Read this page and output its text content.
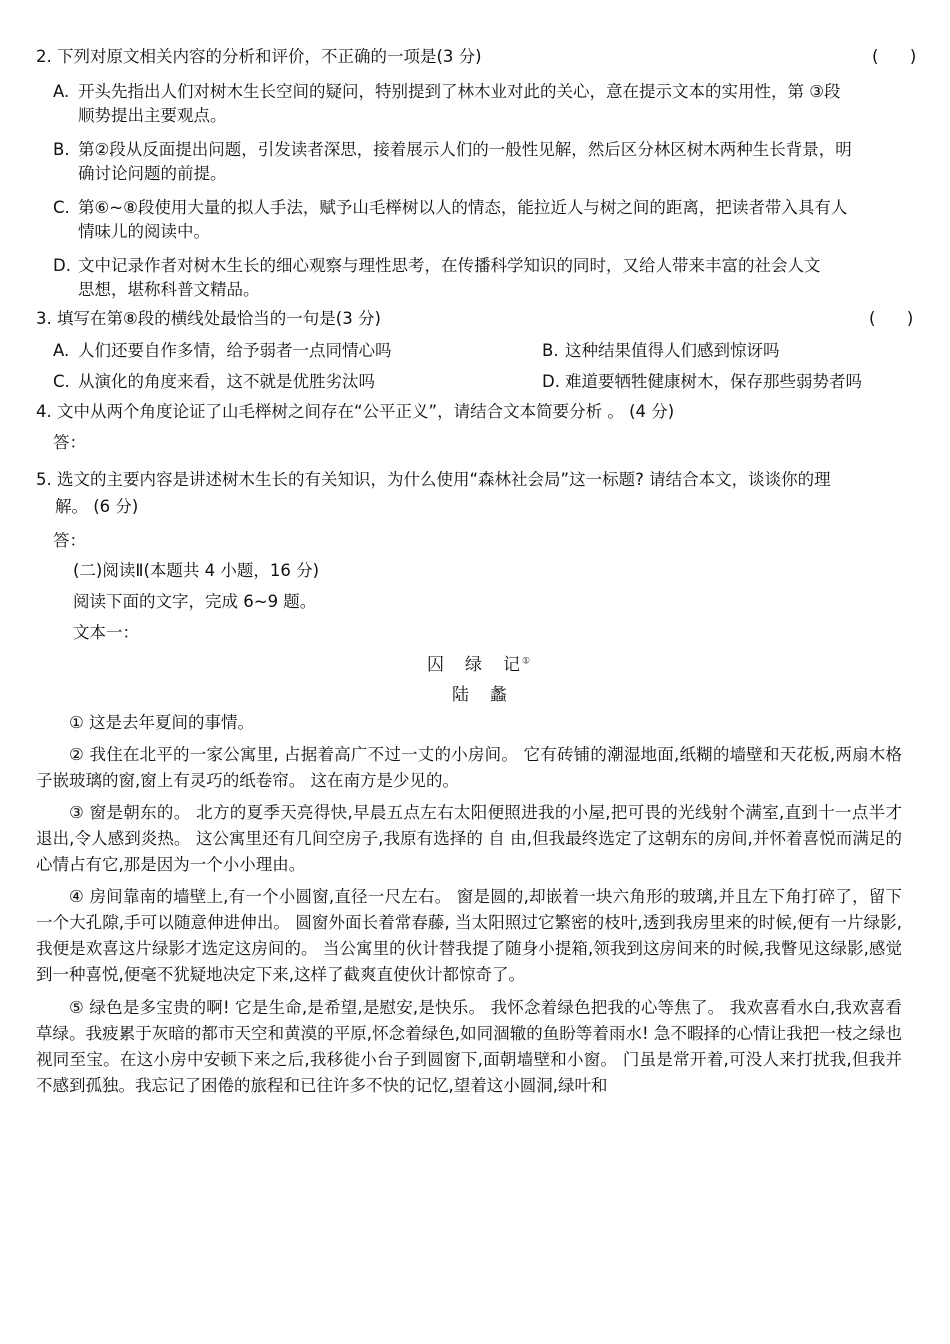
2. 下列对原文相关内容的分析和评价，不正确的一项是(3 分)	(      )
A. 开头先指出人们对树木生长空间的疑问，特别提到了林木业对此的关心，意在提示文本的实用性，第 ③段
顺势提出主要观点。
B. 第②段从反面提出问题，引发读者深思，接着展示人们的一般性见解，然后区分林区树木两种生长背景，明
确讨论问题的前提。
C. 第⑥~⑧段使用大量的拟人手法，赋予山毛榉树以人的情态，能拉近人与树之间的距离，把读者带入具有人
情味儿的阅读中。
D. 文中记录作者对树木生长的细心观察与理性思考，在传播科学知识的同时，又给人带来丰富的社会人文
思想，堪称科普文精品。
3. 填写在第⑧段的横线处最恰当的一句是(3 分)	(      )
A. 人们还要自作多情，给予弱者一点同情心吗	B. 这种结果值得人们感到惊讶吗
C. 从演化的角度来看，这不就是优胜劣汰吗	D. 难道要牺牲健康树木，保存那些弱势者吗
4. 文中从两个角度论证了山毛榉树之间存在“公平正义”，请结合文本简要分析 。 (4 分)
答：
5. 选文的主要内容是讲述树木生长的有关知识，为什么使用“森林社会局”这一标题? 请结合本文，谈谈你的理
解。 (6 分)
答：
(二)阅读Ⅱ(本题共 4 小题，16 分)
阅读下面的文字，完成 6~9 题。
文本一：
囚　绿　记①
陆　蠡
① 这是去年夏间的事情。
② 我住在北平的一家公寓里, 占据着高广不过一丈的小房间。 它有砖铺的潮湿地面,纸糊的墙壁和天花板,两扇木格子嵌玻璃的窗,窗上有灵巧的纸卷帘。 这在南方是少见的。
③ 窗是朝东的。 北方的夏季天亮得快,早晨五点左右太阳便照进我的小屋,把可畏的光线射个满室,直到十一点半才退出,令人感到炎热。 这公寓里还有几间空房子,我原有选择的 自 由,但我最终选定了这朝东的房间,并怀着喜悦而满足的心情占有它,那是因为一个小小理由。
④ 房间靠南的墙壁上,有一个小圆窗,直径一尺左右。 窗是圆的,却嵌着一块六角形的玻璃,并且左下角打碎了，留下一个大孔隙,手可以随意伸进伸出。 圆窗外面长着常春藤, 当太阳照过它繁密的枝叶,透到我房里来的时候,便有一片绿影,我便是欢喜这片绿影才选定这房间的。 当公寓里的伙计替我提了随身小提箱,领我到这房间来的时候,我瞥见这绿影,感觉到一种喜悦,便毫不犹疑地决定下来,这样了截爽直使伙计都惊奇了。
⑤ 绿色是多宝贵的啊! 它是生命,是希望,是慰安,是快乐。 我怀念着绿色把我的心等焦了。 我欢喜看水白,我欢喜看草绿。我疲累于灰暗的都市天空和黄漠的平原,怀念着绿色,如同涸辙的鱼盼等着雨水! 急不暇择的心情让我把一枝之绿也视同至宝。在这小房中安顿下来之后,我移徙小台子到圆窗下,面朝墙壁和小窗。 门虽是常开着,可没人来打扰我,但我并不感到孤独。我忘记了困倦的旅程和已往许多不快的记忆,望着这小圆洞,绿叶和
